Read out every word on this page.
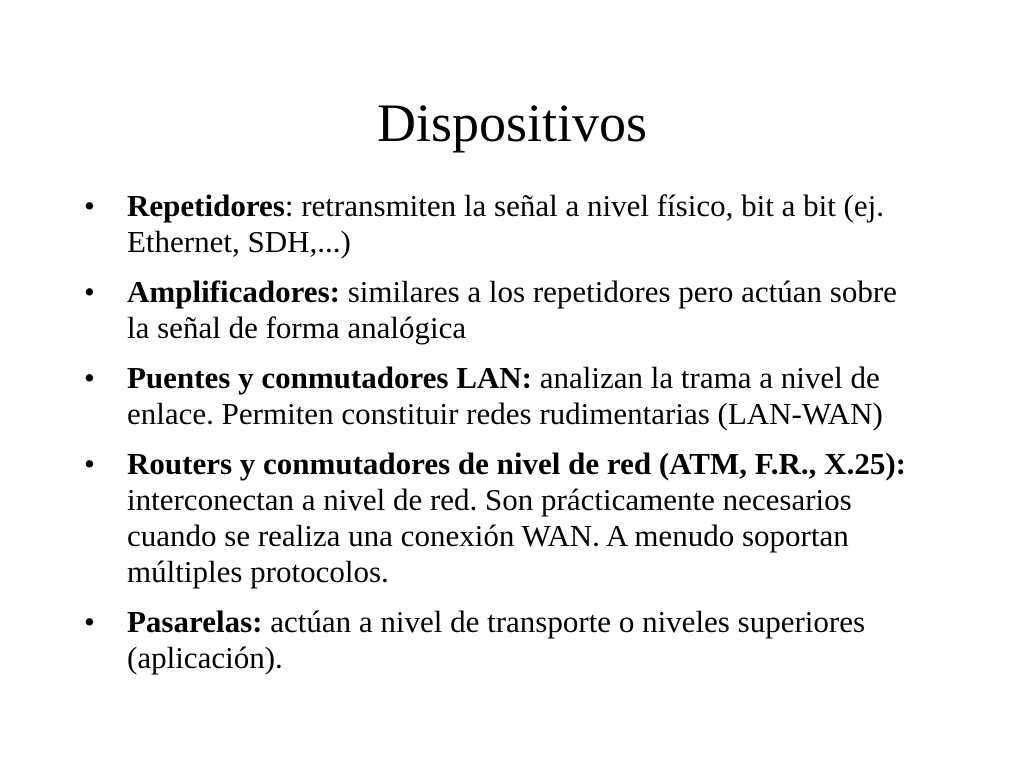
Dispositivos
• Repetidores: retransmiten la señal a nivel físico, bit a bit (ej. Ethernet, SDH,...)
• Amplificadores: similares a los repetidores pero actúan sobre la señal de forma analógica
• Puentes y conmutadores LAN: analizan la trama a nivel de enlace. Permiten constituir redes rudimentarias (LAN-WAN)
• Routers y conmutadores de nivel de red (ATM, F.R., X.25): interconectan a nivel de red. Son prácticamente necesarios cuando se realiza una conexión WAN. A menudo soportan múltiples protocolos.
• Pasarelas: actúan a nivel de transporte o niveles superiores (aplicación).
